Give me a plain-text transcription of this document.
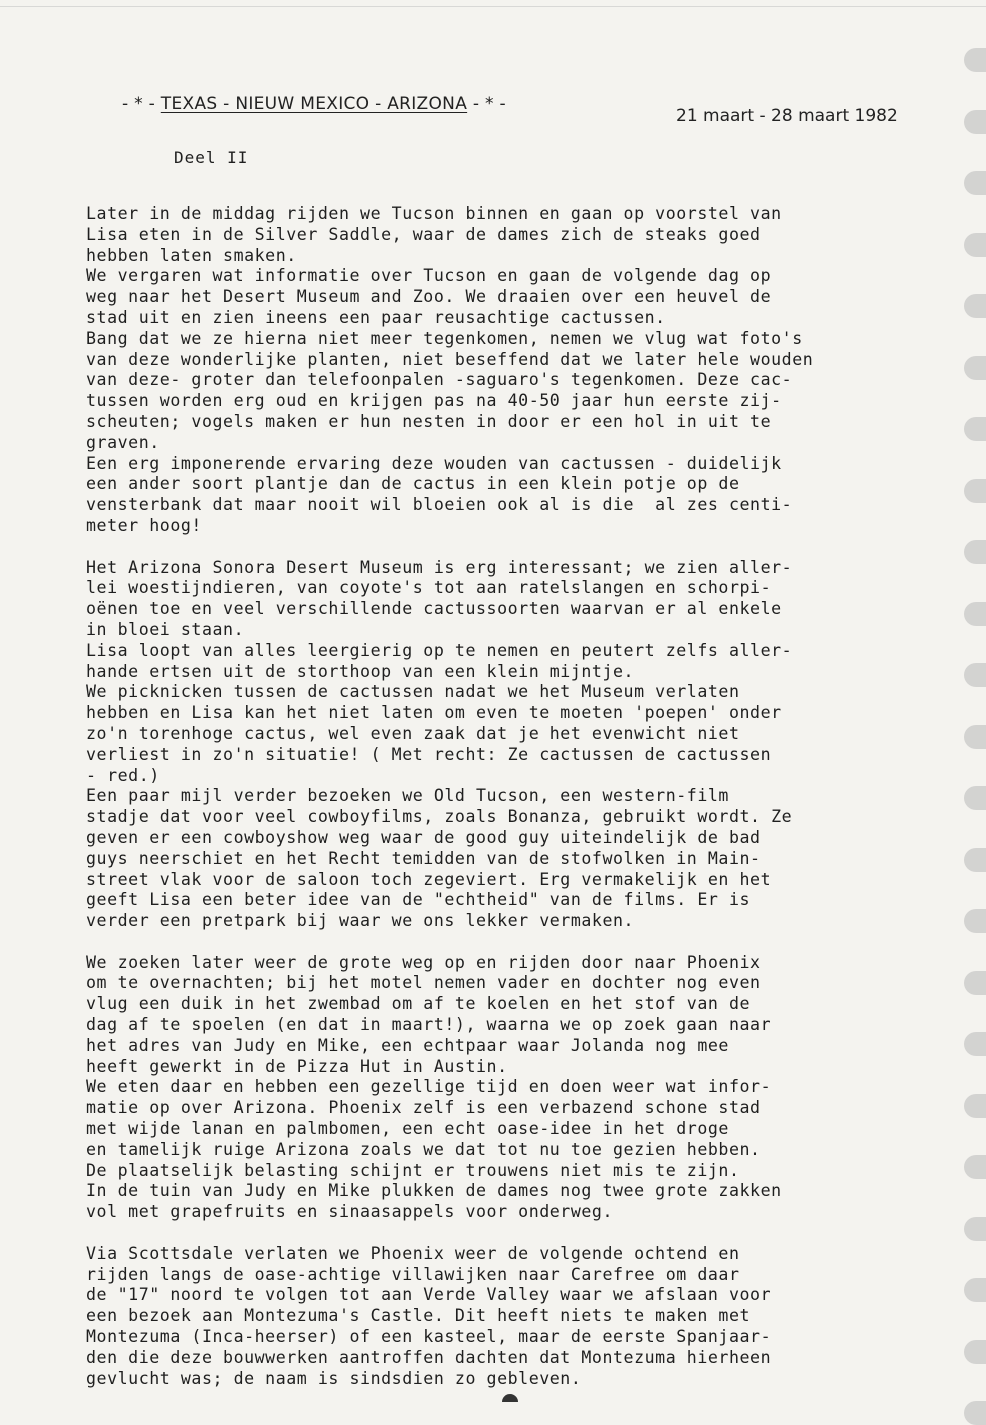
- * - TEXAS - NIEUW MEXICO - ARIZONA - * -
21 maart - 28 maart 1982
Deel II
Later in de middag rijden we Tucson binnen en gaan op voorstel van
Lisa eten in de Silver Saddle, waar de dames zich de steaks goed
hebben laten smaken.
We vergaren wat informatie over Tucson en gaan de volgende dag op
weg naar het Desert Museum and Zoo. We draaien over een heuvel de
stad uit en zien ineens een paar reusachtige cactussen.
Bang dat we ze hierna niet meer tegenkomen, nemen we vlug wat foto's
van deze wonderlijke planten, niet beseffend dat we later hele wouden
van deze- groter dan telefoonpalen -saguaro's tegenkomen. Deze cac-
tussen worden erg oud en krijgen pas na 40-50 jaar hun eerste zij-
scheuten; vogels maken er hun nesten in door er een hol in uit te
graven.
Een erg imponerende ervaring deze wouden van cactussen - duidelijk
een ander soort plantje dan de cactus in een klein potje op de
vensterbank dat maar nooit wil bloeien ook al is die  al zes centi-
meter hoog!
Het Arizona Sonora Desert Museum is erg interessant; we zien aller-
lei woestijndieren, van coyote's tot aan ratelslangen en schorpi-
oënen toe en veel verschillende cactussoorten waarvan er al enkele
in bloei staan.
Lisa loopt van alles leergierig op te nemen en peutert zelfs aller-
hande ertsen uit de storthoop van een klein mijntje.
We picknicken tussen de cactussen nadat we het Museum verlaten
hebben en Lisa kan het niet laten om even te moeten 'poepen' onder
zo'n torenhoge cactus, wel even zaak dat je het evenwicht niet
verliest in zo'n situatie! ( Met recht: Ze cactussen de cactussen
- red.)
Een paar mijl verder bezoeken we Old Tucson, een western-film
stadje dat voor veel cowboyfilms, zoals Bonanza, gebruikt wordt. Ze
geven er een cowboyshow weg waar de good guy uiteindelijk de bad
guys neerschiet en het Recht temidden van de stofwolken in Main-
street vlak voor de saloon toch zegeviert. Erg vermakelijk en het
geeft Lisa een beter idee van de "echtheid" van de films. Er is
verder een pretpark bij waar we ons lekker vermaken.
We zoeken later weer de grote weg op en rijden door naar Phoenix
om te overnachten; bij het motel nemen vader en dochter nog even
vlug een duik in het zwembad om af te koelen en het stof van de
dag af te spoelen (en dat in maart!), waarna we op zoek gaan naar
het adres van Judy en Mike, een echtpaar waar Jolanda nog mee
heeft gewerkt in de Pizza Hut in Austin.
We eten daar en hebben een gezellige tijd en doen weer wat infor-
matie op over Arizona. Phoenix zelf is een verbazend schone stad
met wijde lanan en palmbomen, een echt oase-idee in het droge
en tamelijk ruige Arizona zoals we dat tot nu toe gezien hebben.
De plaatselijk belasting schijnt er trouwens niet mis te zijn.
In de tuin van Judy en Mike plukken de dames nog twee grote zakken
vol met grapefruits en sinaasappels voor onderweg.
Via Scottsdale verlaten we Phoenix weer de volgende ochtend en
rijden langs de oase-achtige villawijken naar Carefree om daar
de "17" noord te volgen tot aan Verde Valley waar we afslaan voor
een bezoek aan Montezuma's Castle. Dit heeft niets te maken met
Montezuma (Inca-heerser) of een kasteel, maar de eerste Spanjaar-
den die deze bouwwerken aantroffen dachten dat Montezuma hierheen
gevlucht was; de naam is sindsdien zo gebleven.
